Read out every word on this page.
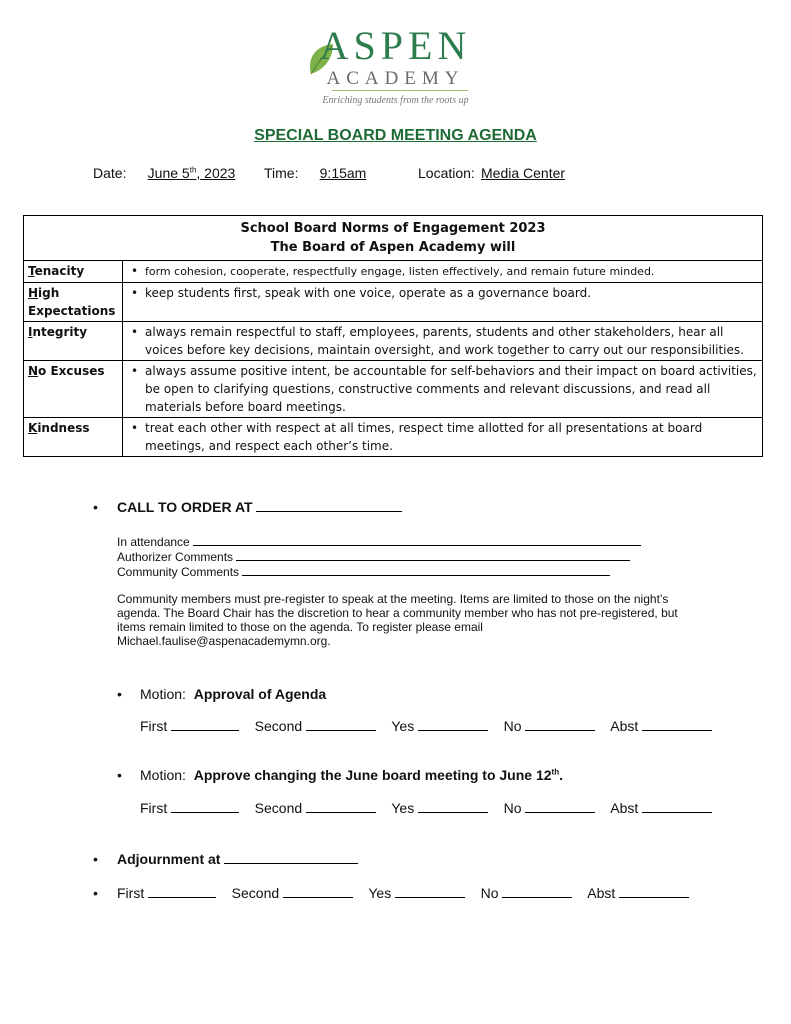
ASPEN
ACADEMY
Enriching students from the roots up
SPECIAL BOARD MEETING AGENDA
Date:	June 5th, 2023	Time:	9:15am	Location: Media Center
School Board Norms of Engagement 2023
The Board of Aspen Academy will	

Tenacity	• form cohesion, cooperate, respectfully engage, listen effectively, and remain future minded.
High Expectations	• keep students first, speak with one voice, operate as a governance board.
Integrity	• always remain respectful to staff, employees, parents, students and other stakeholders, hear all voices before key decisions, maintain oversight, and work together to carry out our responsibilities.
No Excuses	• always assume positive intent, be accountable for self-behaviors and their impact on board activities, be open to clarifying questions, constructive comments and relevant discussions, and read all materials before board meetings.
Kindness	• treat each other with respect at all times, respect time allotted for all presentations at board meetings, and respect each other’s time.
• CALL TO ORDER AT
In attendance
Authorizer Comments
Community Comments
Community members must pre-register to speak at the meeting. Items are limited to those on the night’s agenda. The Board Chair has the discretion to hear a community member who has not pre-registered, but items remain limited to those on the agenda. To register please email Michael.faulise@aspenacademymn.org.
• Motion: Approval of Agenda
First	Second	Yes	No	Abst
• Motion: Approve changing the June board meeting to June 12th.
First	Second	Yes	No	Abst
• Adjournment at
• First	Second	Yes	No	Abst
